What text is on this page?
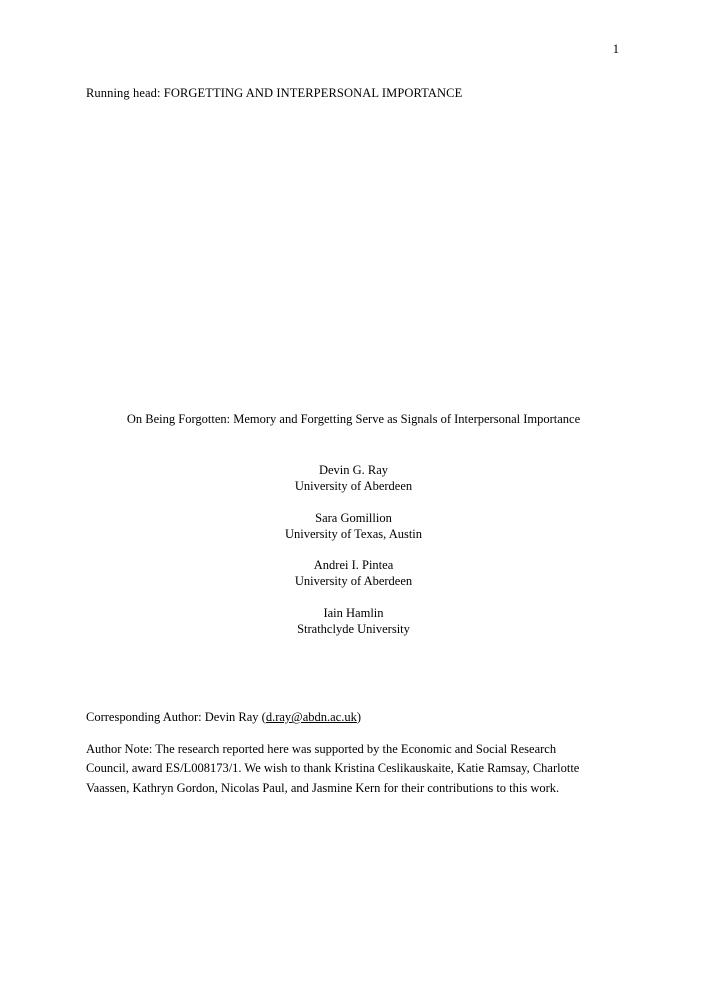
1
Running head: FORGETTING AND INTERPERSONAL IMPORTANCE
On Being Forgotten: Memory and Forgetting Serve as Signals of Interpersonal Importance
Devin G. Ray
University of Aberdeen
Sara Gomillion
University of Texas, Austin
Andrei I. Pintea
University of Aberdeen
Iain Hamlin
Strathclyde University
Corresponding Author: Devin Ray (d.ray@abdn.ac.uk)
Author Note: The research reported here was supported by the Economic and Social Research Council, award ES/L008173/1. We wish to thank Kristina Ceslikauskaite, Katie Ramsay, Charlotte Vaassen, Kathryn Gordon, Nicolas Paul, and Jasmine Kern for their contributions to this work.
